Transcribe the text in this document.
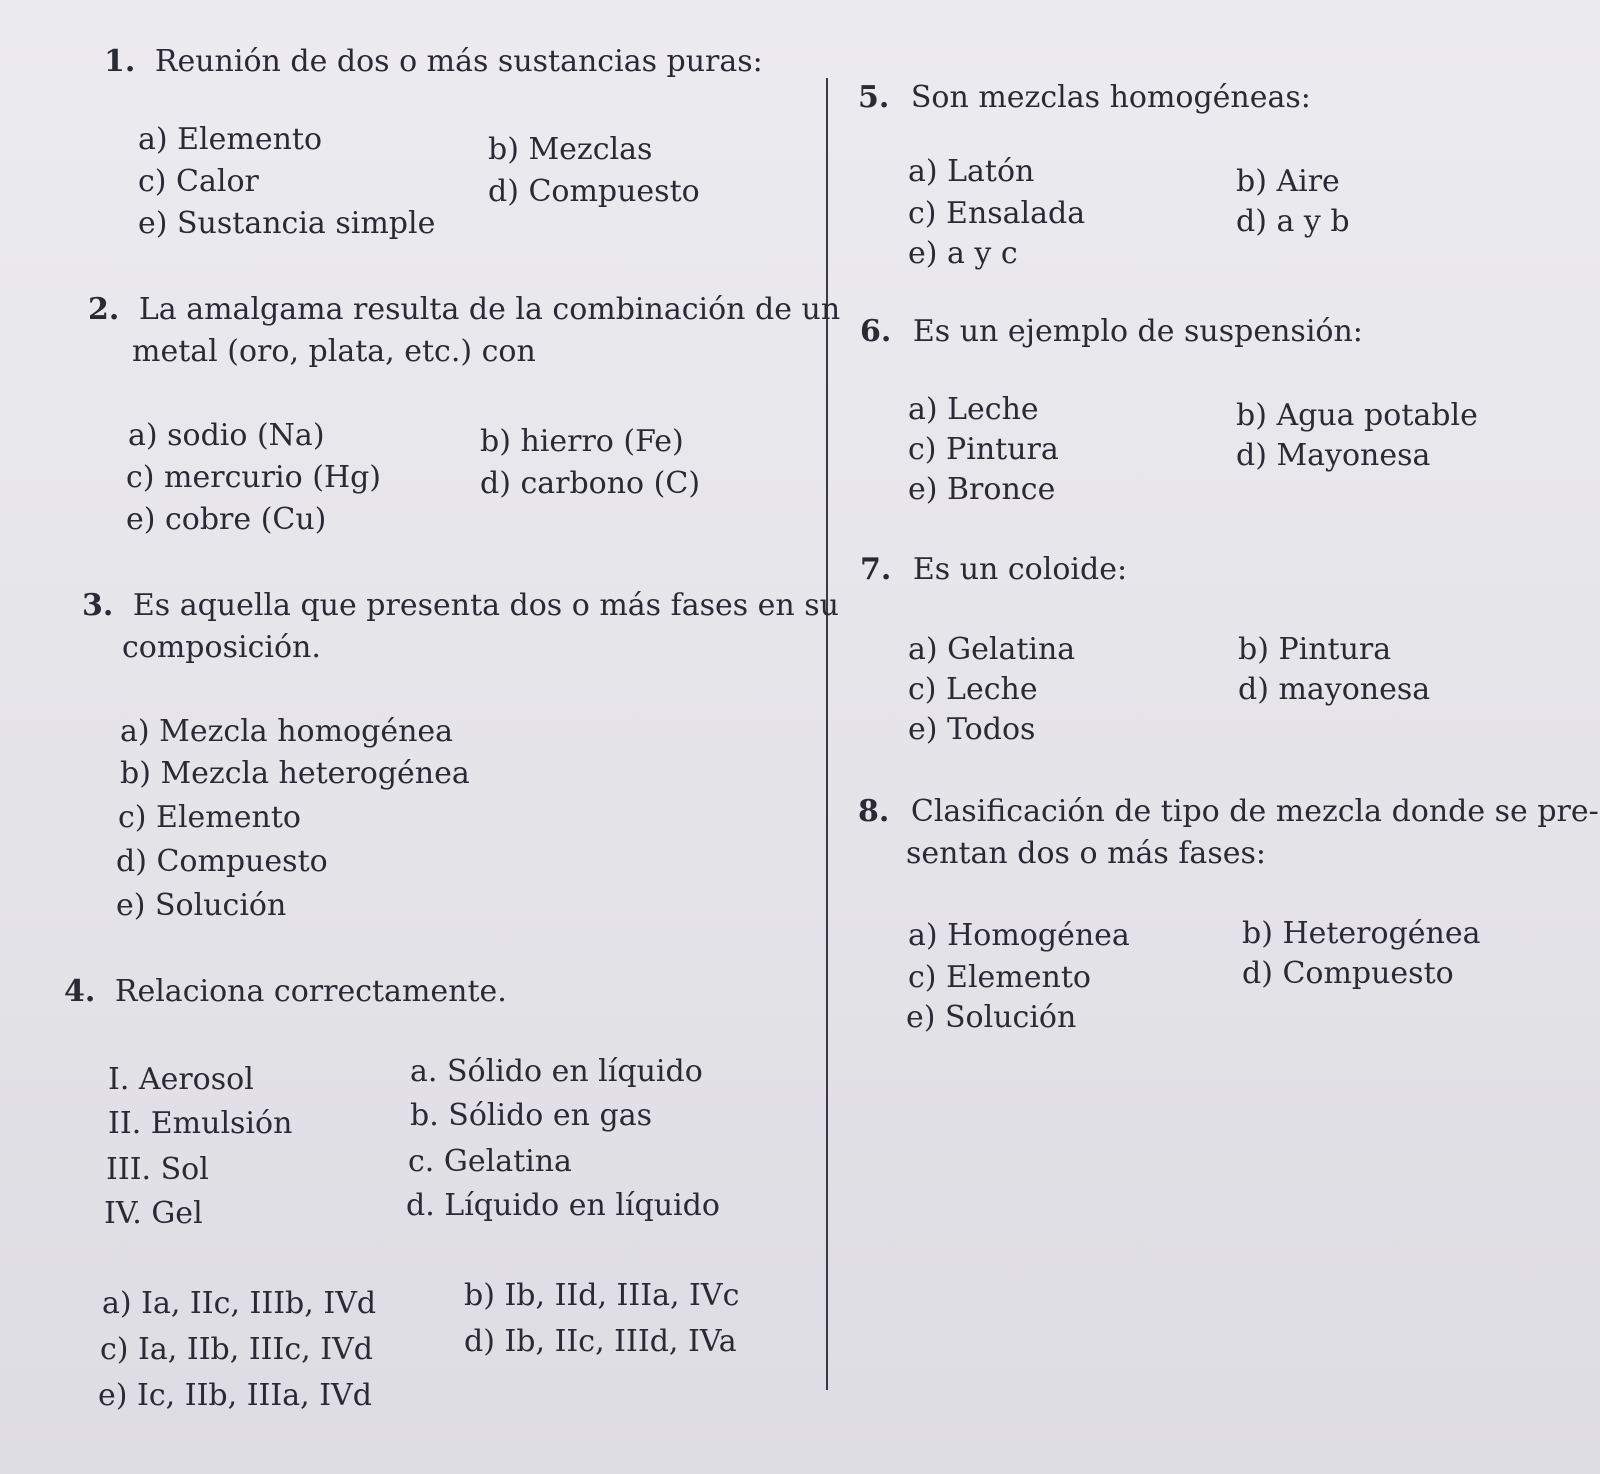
1. Reunión de dos o más sustancias puras:
a) Elemento	b) Mezclas
c) Calor	d) Compuesto
e) Sustancia simple
2. La amalgama resulta de la combinación de un
metal (oro, plata, etc.) con
a) sodio (Na)	b) hierro (Fe)
c) mercurio (Hg)	d) carbono (C)
e) cobre (Cu)
3. Es aquella que presenta dos o más fases en su
composición.
a) Mezcla homogénea
b) Mezcla heterogénea
c) Elemento
d) Compuesto
e) Solución
4. Relaciona correctamente.
I. Aerosol
II. Emulsión
III. Sol
IV. Gel
a. Sólido en líquido
b. Sólido en gas
c. Gelatina
d. Líquido en líquido
a) Ia, IIc, IIIb, IVd	b) Ib, IId, IIIa, IVc
c) Ia, IIb, IIIc, IVd	d) Ib, IIc, IIId, IVa
e) Ic, IIb, IIIa, IVd
5. Son mezclas homogéneas:
a) Latón	b) Aire
c) Ensalada	d) a y b
e) a y c
6. Es un ejemplo de suspensión:
a) Leche	b) Agua potable
c) Pintura	d) Mayonesa
e) Bronce
7. Es un coloide:
a) Gelatina	b) Pintura
c) Leche	d) mayonesa
e) Todos
8. Clasificación de tipo de mezcla donde se pre-
sentan dos o más fases:
a) Homogénea	b) Heterogénea
c) Elemento	d) Compuesto
e) Solución
